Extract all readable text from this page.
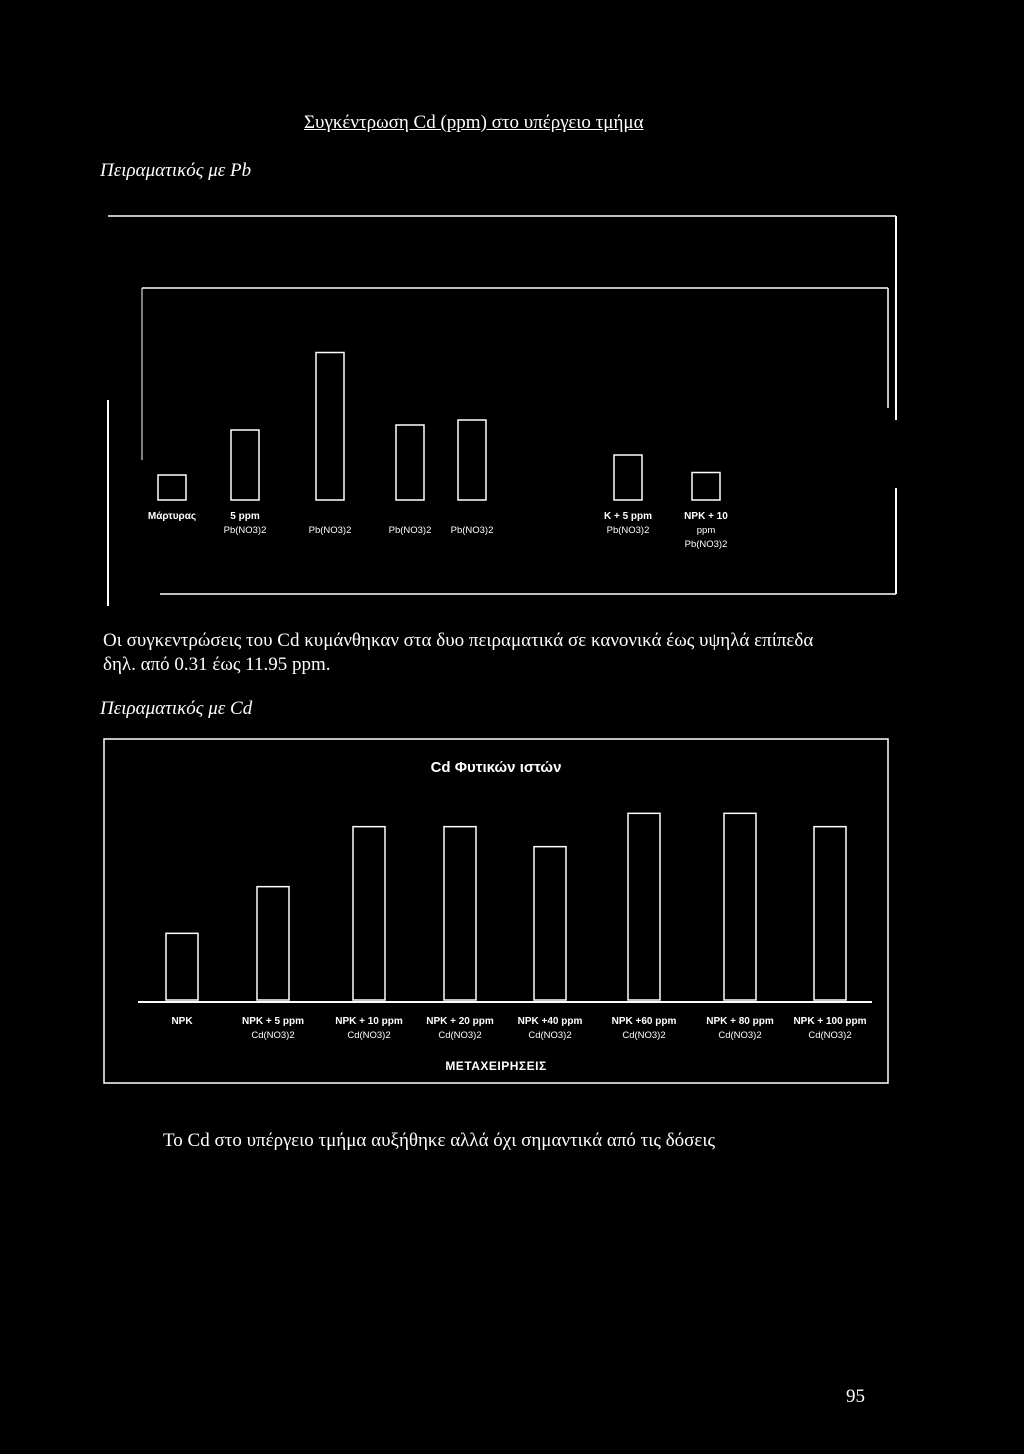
Πειραματικός με Pb
Συγκέντρωση Cd (ppm) στο υπέργειο τμήμα
Μάρτυρας	5 ppm
Pb(NO3)2	Pb(NO3)2	Pb(NO3)2 Pb(NO3)2
K + 5 ppm
Pb(NO3)2
NPK + 10
ppm
Pb(NO3)2
Οι συγκεντρώσεις του Cd κυμάνθηκαν στα δυο πειραματικά σε κανονικά έως υψηλά επίπεδα
δηλ. από 0.31 έως 11.95 ppm.
Πειραματικός με Cd
Cd Φυτικών ιστών
ΜΕΤΑΧΕΙΡΗΣΕΙΣ
NPK	NPK + 5 ppm
Cd(NO3)2
NPK + 10 ppm
Cd(NO3)2
NPK + 20 ppm
Cd(NO3)2
NPK +40 ppm
Cd(NO3)2
NPK +60 ppm
Cd(NO3)2
NPK + 80 ppm
Cd(NO3)2
NPK + 100 ppm
Cd(NO3)2
Το Cd στο υπέργειο τμήμα αυξήθηκε αλλά όχι σημαντικά από τις δόσεις
95
